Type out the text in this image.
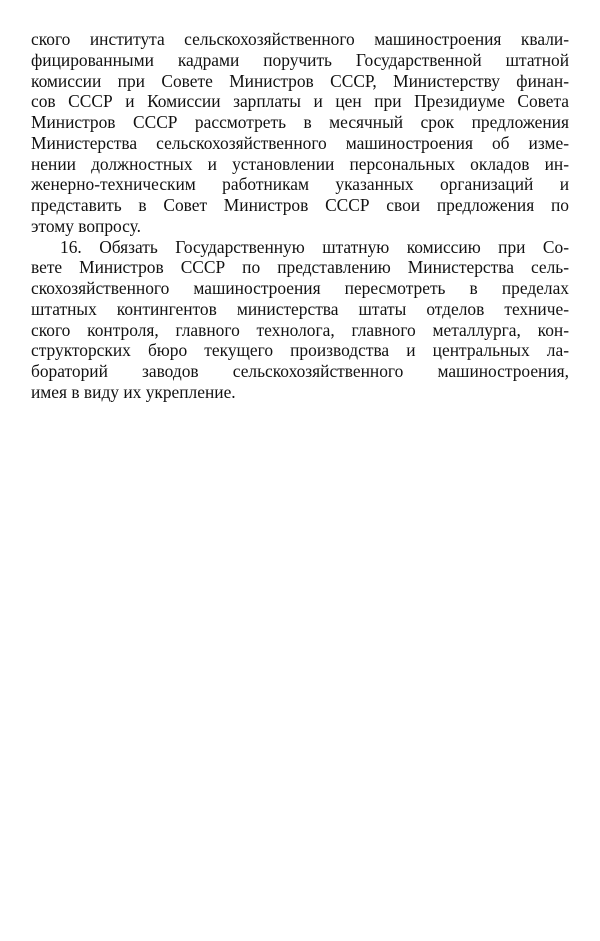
ского института сельскохозяйственного машиностроения квали-
фицированными кадрами поручить Государственной штатной
комиссии при Совете Министров СССР, Министерству финан-
сов СССР и Комиссии зарплаты и цен при Президиуме Совета
Министров СССР рассмотреть в месячный срок предложения
Министерства сельскохозяйственного машиностроения об изме-
нении должностных и установлении персональных окладов ин-
женерно-техническим работникам указанных организаций и
представить в Совет Министров СССР свои предложения по
этому вопросу.
16. Обязать Государственную штатную комиссию при Со-
вете Министров СССР по представлению Министерства сель-
скохозяйственного машиностроения пересмотреть в пределах
штатных контингентов министерства штаты отделов техниче-
ского контроля, главного технолога, главного металлурга, кон-
структорских бюро текущего производства и центральных ла-
бораторий заводов сельскохозяйственного машиностроения,
имея в виду их укрепление.
